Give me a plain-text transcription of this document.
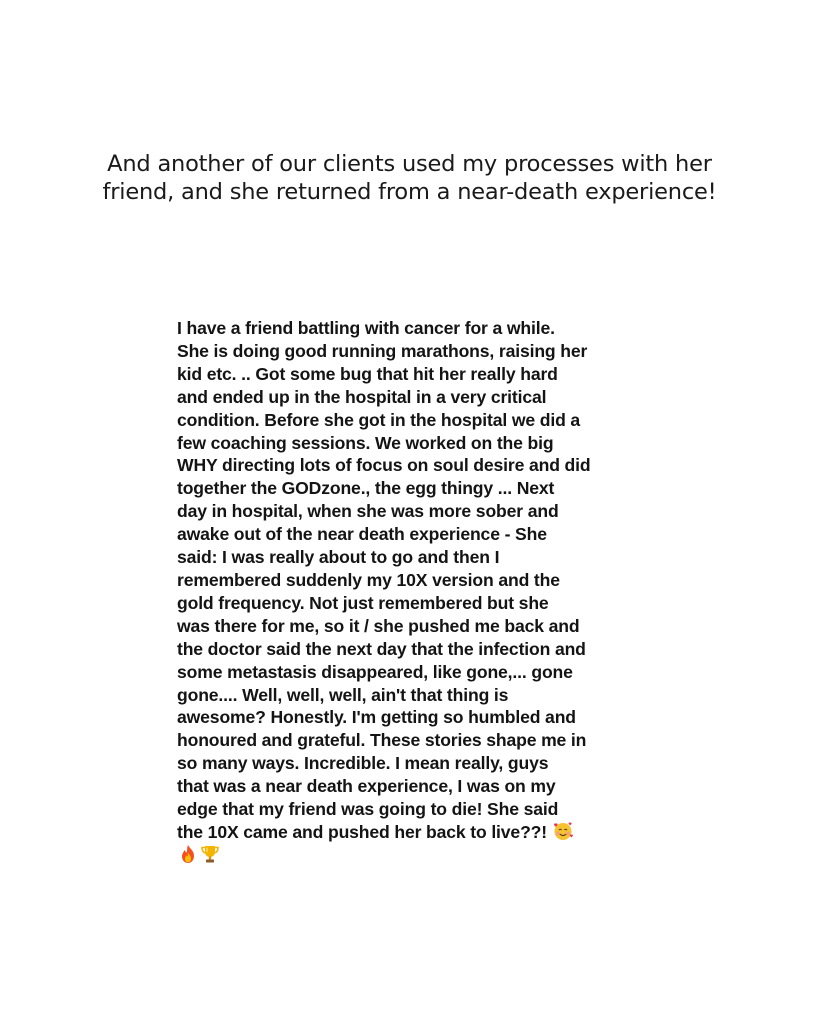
And another of our clients used my processes with her
friend, and she returned from a near-death experience!
I have a friend battling with cancer for a while.
She is doing good running marathons, raising her
kid etc. .. Got some bug that hit her really hard
and ended up in the hospital in a very critical
condition. Before she got in the hospital we did a
few coaching sessions. We worked on the big
WHY directing lots of focus on soul desire and did
together the GODzone., the egg thingy ... Next
day in hospital, when she was more sober and
awake out of the near death experience - She
said: I was really about to go and then I
remembered suddenly my 10X version and the
gold frequency. Not just remembered but she
was there for me, so it / she pushed me back and
the doctor said the next day that the infection and
some metastasis disappeared, like gone,... gone
gone.... Well, well, well, ain't that thing is
awesome? Honestly. I'm getting so humbled and
honoured and grateful. These stories shape me in
so many ways. Incredible. I mean really, guys
that was a near death experience, I was on my
edge that my friend was going to die! She said
the 10X came and pushed her back to live??!
